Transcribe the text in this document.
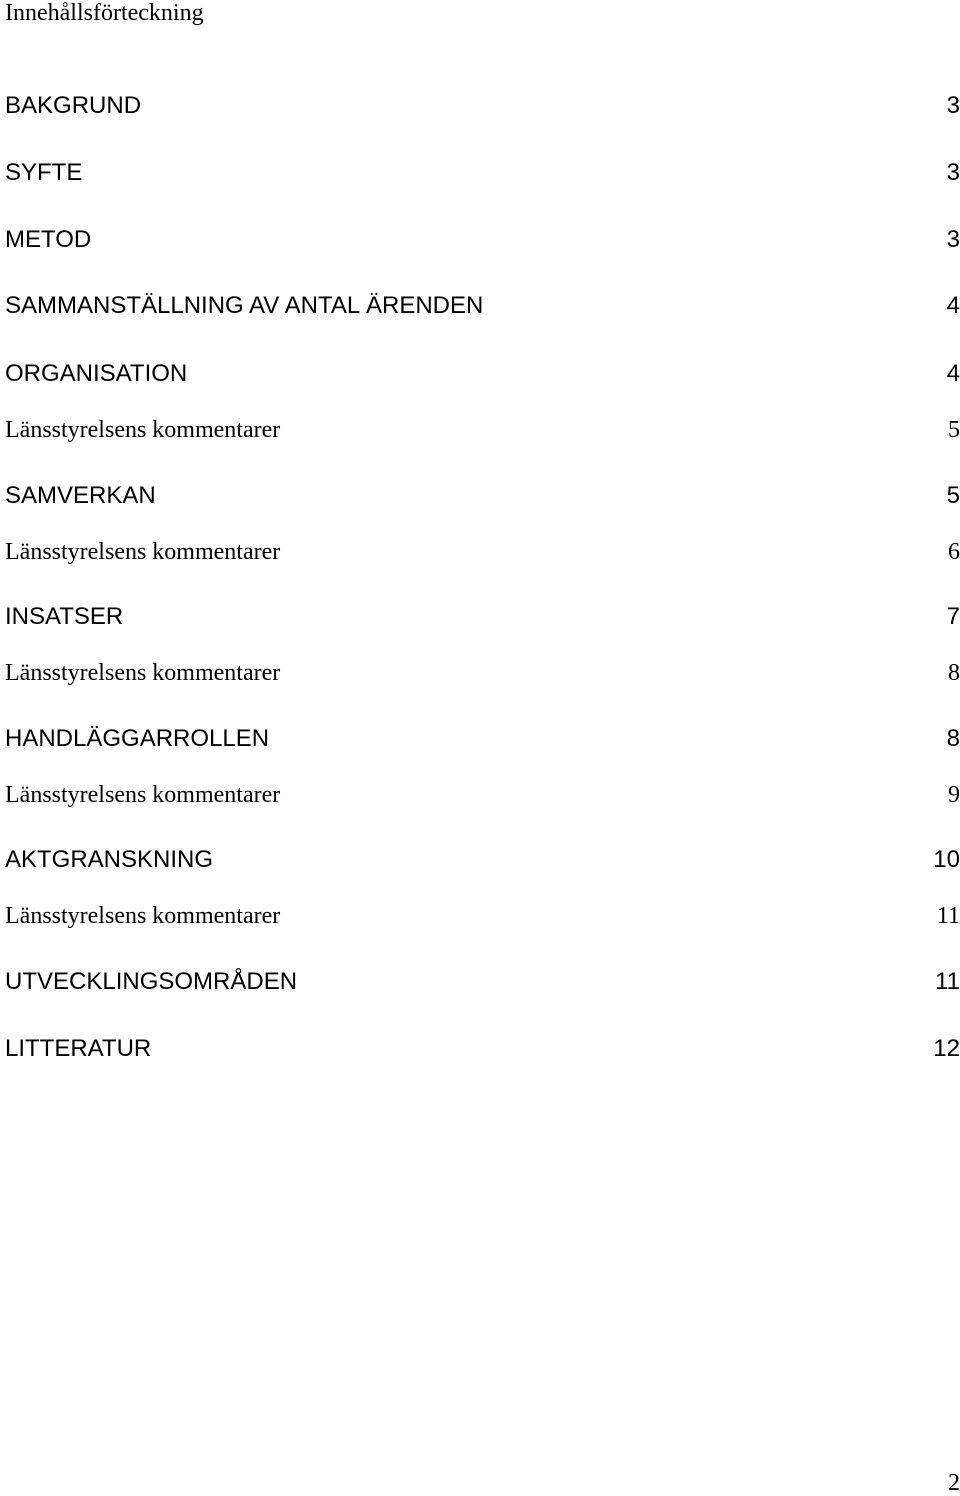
Innehållsförteckning
BAKGRUND	3
SYFTE	3
METOD	3
SAMMANSTÄLLNING AV ANTAL ÄRENDEN	4
ORGANISATION	4
Länsstyrelsens kommentarer	5
SAMVERKAN	5
Länsstyrelsens kommentarer	6
INSATSER	7
Länsstyrelsens kommentarer	8
HANDLÄGGARROLLEN	8
Länsstyrelsens kommentarer	9
AKTGRANSKNING	10
Länsstyrelsens kommentarer	11
UTVECKLINGSOMRÅDEN	11
LITTERATUR	12
2
